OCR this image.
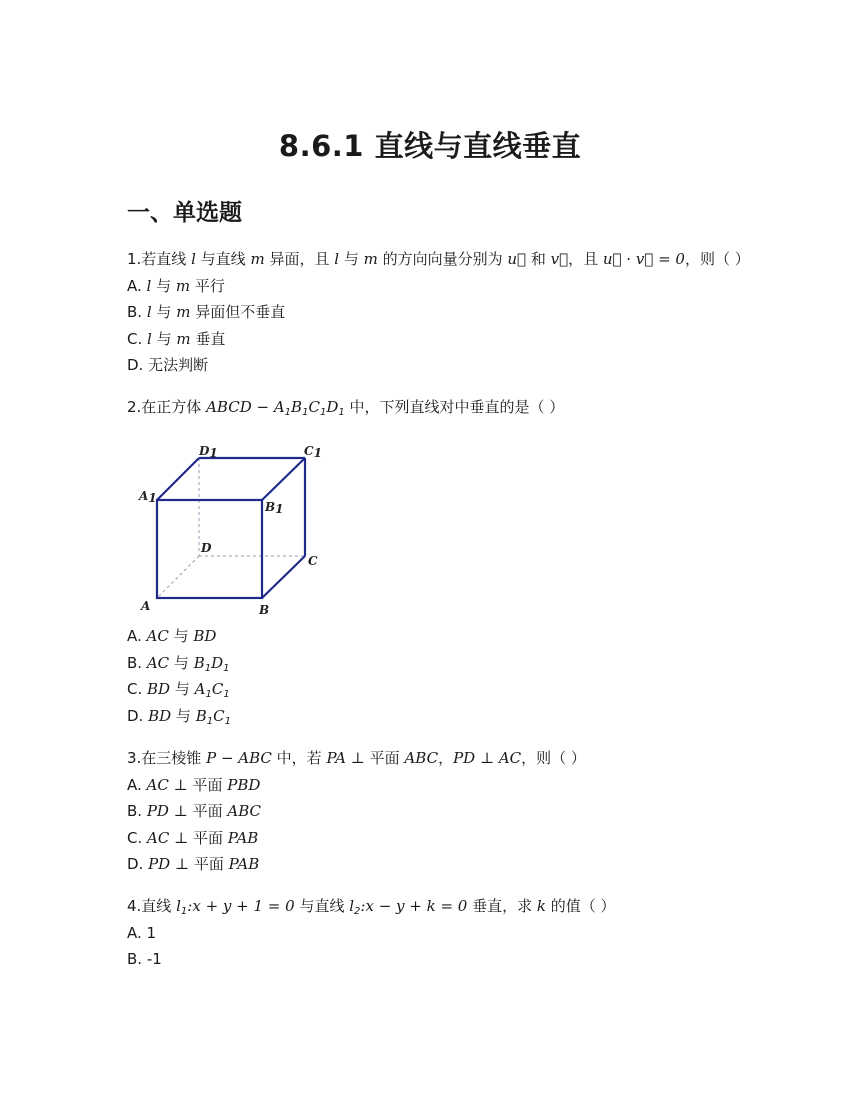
8.6.1 直线与直线垂直
一、单选题
1.若直线 l 与直线 m 异面，且 l 与 m 的方向向量分别为 u⃗ 和 v⃗，且 u⃗ · v⃗ = 0，则（ ）
A. l 与 m 平行
B. l 与 m 异面但不垂直
C. l 与 m 垂直
D. 无法判断
2.在正方体 ABCD − $A_1B_1C_1D_1$ 中，下列直线对中垂直的是（ ）
D1	C1
A1
B1
D
C
A	B
A. AC 与 BD
B. AC 与 $B_1D_1$
C. BD 与 $A_1C_1$
D. BD 与 $B_1C_1$
3.在三棱锥 P − ABC 中，若 PA ⊥ 平面 ABC，PD ⊥ AC，则（ ）
A. AC ⊥ 平面 PBD
B. PD ⊥ 平面 ABC
C. AC ⊥ 平面 PAB
D. PD ⊥ 平面 PAB
4.直线 $l_1:x + y + 1 = 0$ 与直线 $l_2:x - y + k = 0$ 垂直，求 k 的值（ ）
A. 1
B. -1
